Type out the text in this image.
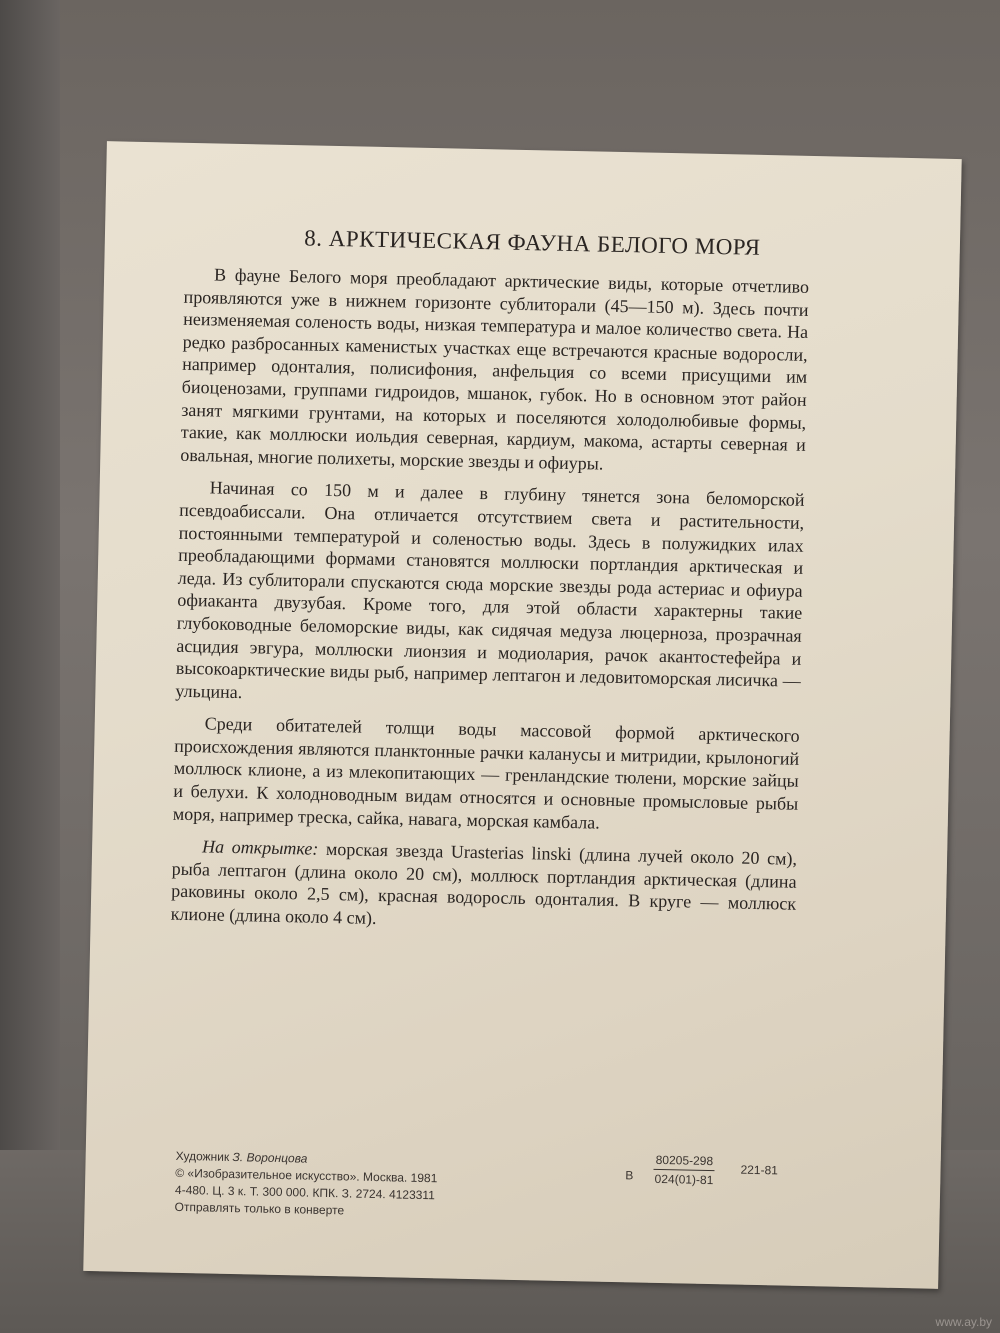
8. АРКТИЧЕСКАЯ ФАУНА БЕЛОГО МОРЯ

В фауне Белого моря преобладают арктические виды, которые отчетливо проявляются уже в нижнем горизонте сублиторали (45—150 м). Здесь почти неизменяемая соленость воды, низкая температура и малое количество света. На редко разбросанных каменистых участках еще встречаются красные водоросли, например одонталия, полисифония, анфельция со всеми присущими им биоценозами, группами гидроидов, мшанок, губок. Но в основном этот район занят мягкими грунтами, на которых и поселяются холодолюбивые формы, такие, как моллюски иольдия северная, кардиум, макома, астарты северная и овальная, многие полихеты, морские звезды и офиуры.

Начиная со 150 м и далее в глубину тянется зона беломорской псевдоабиссали. Она отличается отсутствием света и растительности, постоянными температурой и соленостью воды. Здесь в полужидких илах преобладающими формами становятся моллюски портландия арктическая и леда. Из сублиторали спускаются сюда морские звезды рода астериас и офиура офиаканта двузубая. Кроме того, для этой области характерны такие глубоководные беломорские виды, как сидячая медуза люцерноза, прозрачная асцидия эвгура, моллюски лионзия и модиолария, рачок акантостефейра и высокоарктические виды рыб, например лептагон и ледовитоморская лисичка — ульцина.

Среди обитателей толщи воды массовой формой арктического происхождения являются планктонные рачки каланусы и митридии, крылоногий моллюск клионе, а из млекопитающих — гренландские тюлени, морские зайцы и белухи. К холодноводным видам относятся и основные промысловые рыбы моря, например треска, сайка, навага, морская камбала.

На открытке: морская звезда Urasterias linski (длина лучей около 20 см), рыба лептагон (длина около 20 см), моллюск портландия арктическая (длина раковины около 2,5 см), красная водоросль одонталия. В круге — моллюск клионе (длина около 4 см).

Художник З. Воронцова
© «Изобразительное искусство». Москва. 1981
4-480. Ц. 3 к. Т. 300 000. КПК. З. 2724. 4123311
Отправлять только в конверте
В $\frac{80205-298}{024(01)-81} 221-81$
www.ay.by
